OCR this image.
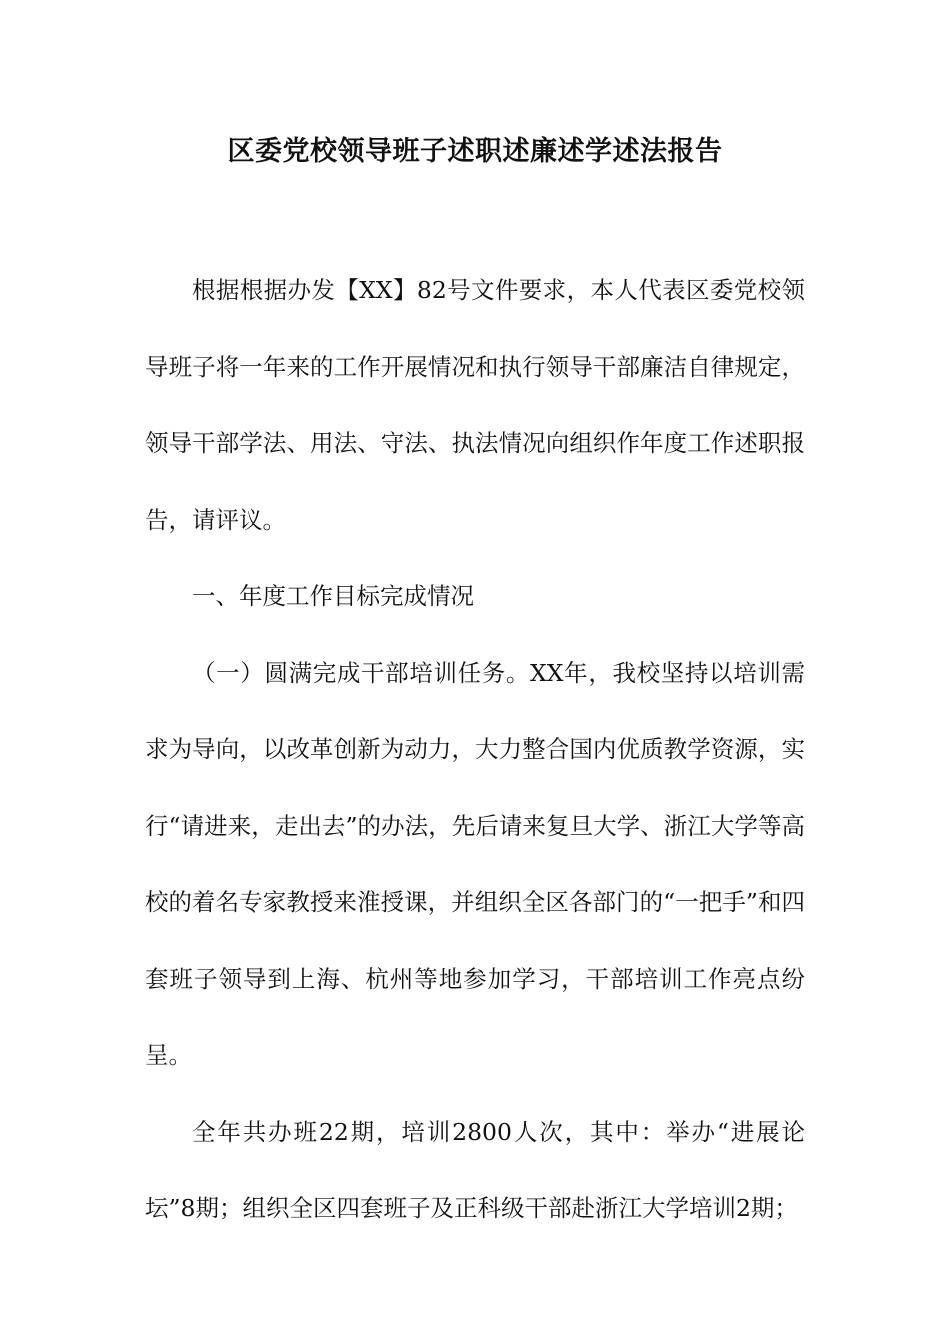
区委党校领导班子述职述廉述学述法报告

根据根据办发【XX】82号文件要求，本人代表区委党校领导班子将一年来的工作开展情况和执行领导干部廉洁自律规定，领导干部学法、用法、守法、执法情况向组织作年度工作述职报告，请评议。

一、年度工作目标完成情况

（一）圆满完成干部培训任务。XX年，我校坚持以培训需求为导向，以改革创新为动力，大力整合国内优质教学资源，实行“请进来，走出去”的办法，先后请来复旦大学、浙江大学等高校的着名专家教授来淮授课，并组织全区各部门的“一把手”和四套班子领导到上海、杭州等地参加学习，干部培训工作亮点纷呈。

全年共办班22期，培训2800人次，其中：举办“进展论坛”8期；组织全区四套班子及正科级干部赴浙江大学培训2期；
